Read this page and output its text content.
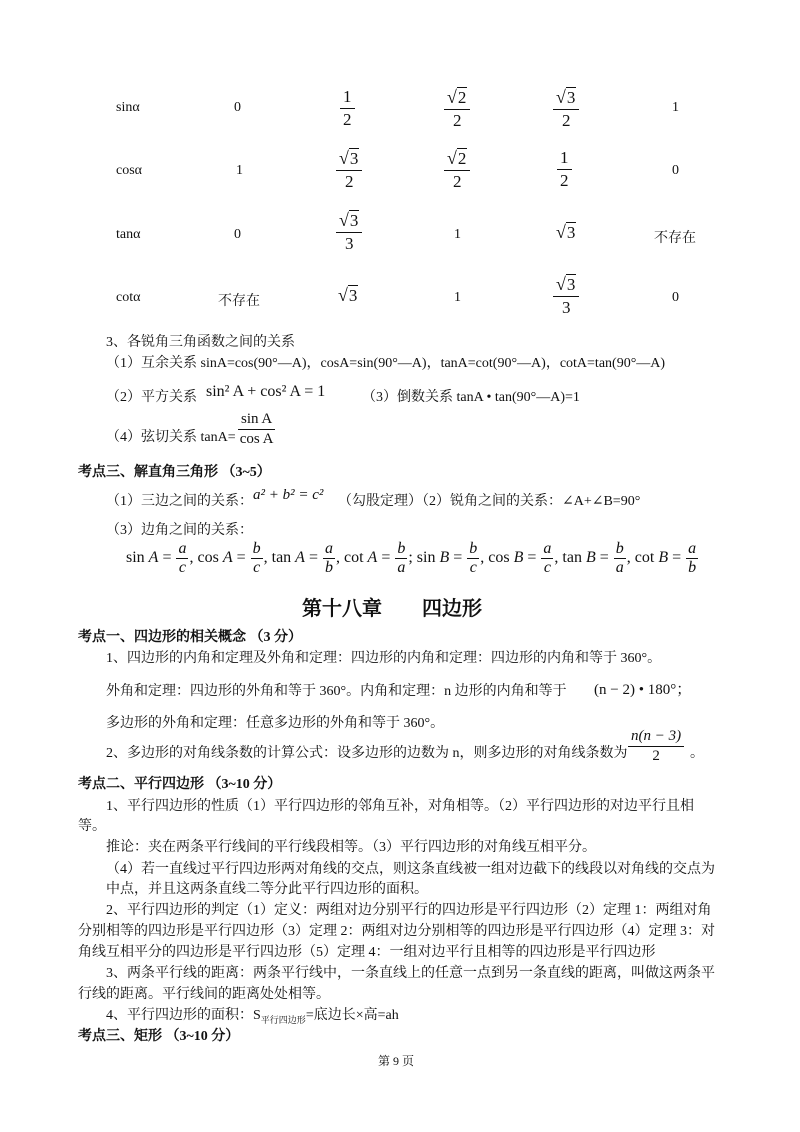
sinα	0	$\frac{1}{2}$	$\frac{√2}{2}$	$\frac{√3}{2}$	1
cosα	1	$\frac{√3}{2}$	$\frac{√2}{2}$	$\frac{1}{2}$	0
tanα	0	$\frac{√3}{3}$	1	√3	不存在
cotα	不存在	√3	1	$\frac{√3}{3}$	0
3、各锐角三角函数之间的关系
（1）互余关系 sinA=cos(90°—A)，cosA=sin(90°—A)，tanA=cot(90°—A)，cotA=tan(90°—A)
（2）平方关系 sin² A + cos² A = 1	（3）倒数关系 tanA • tan(90°—A)=1
（4）弦切关系 $\tan A= \frac{\text{sin A}}{\text{cos A}}$
考点三、解直角三角形 （3~5）
（1）三边之间的关系： a² + b² = c² （勾股定理）（2）锐角之间的关系：∠A+∠B=90°
（3）边角之间的关系：
$\sin A = \frac{a}{c}$ , $\cos A = \frac{b}{c}$ , $\tan A = \frac{a}{b}$ , $\cot A = \frac{b}{a}$ ; $\sin B = \frac{b}{c}$ , $\cos B = \frac{a}{c}$ , $\tan B = \frac{b}{a}$ , $\cot B = \frac{a}{b}$
第十八章        四边形
考点一、四边形的相关概念 （3 分）
1、四边形的内角和定理及外角和定理：四边形的内角和定理：四边形的内角和等于 360°。
外角和定理：四边形的外角和等于 360°。内角和定理：n 边形的内角和等于 (n − 2) • 180°；
多边形的外角和定理：任意多边形的外角和等于 360°。
2、多边形的对角线条数的计算公式：设多边形的边数为 n，则多边形的对角线条数为 $\frac{n(n - 3)}{2}$ 。
考点二、平行四边形 （3~10 分）
1、平行四边形的性质（1）平行四边形的邻角互补，对角相等。（2）平行四边形的对边平行且相
等。
推论：夹在两条平行线间的平行线段相等。（3）平行四边形的对角线互相平分。
（4）若一直线过平行四边形两对角线的交点，则这条直线被一组对边截下的线段以对角线的交点为
中点，并且这两条直线二等分此平行四边形的面积。
2、平行四边形的判定（1）定义：两组对边分别平行的四边形是平行四边形（2）定理 1：两组对角
分别相等的四边形是平行四边形（3）定理 2：两组对边分别相等的四边形是平行四边形（4）定理 3：对
角线互相平分的四边形是平行四边形（5）定理 4：一组对边平行且相等的四边形是平行四边形
3、两条平行线的距离：两条平行线中，一条直线上的任意一点到另一条直线的距离，叫做这两条平
行线的距离。平行线间的距离处处相等。
4、平行四边形的面积：$S_{平行四边形}=$底边长×高=ah
考点三、矩形 （3~10 分）
第 9 页
